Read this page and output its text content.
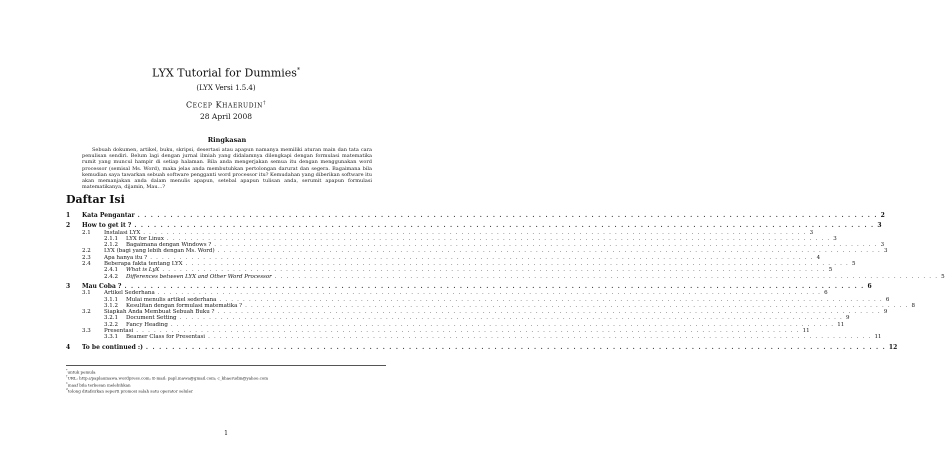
LYX Tutorial for Dummies*
(LYX Versi 1.5.4)
Cecep Khaerudin†
28 April 2008
Ringkasan
Sebuah dokumen, artikel, buku, skripsi, desertasi atau apapun namanya memiliki aturan main dan tata cara penulisan sendiri. Belum lagi dengan jurnal ilmiah yang didalamnya dilengkapi dengan formulasi matematika rumit yang muncul hampir di setiap halaman. Bila anda mengerjakan semua itu dengan menggunakan word processor (semisal Ms. Word), maka jelas anda membutuhkan pertolongan darurat dan segera. Bagaimana bila kemudian saya tawarkan sebuah software pengganti word processor itu? Kemudahan yang diberikan software itu akan memanjakan anda dalam menulis apapun, setebal apapun tulisan anda, serumit apapun formulasi matematikanya, dijamin, Mau...?
Daftar Isi
1	Kata Pengantar . . .	2
2	How to get it ? . . .	3
2.1	Instalasi LYX . . .	3
2.1.1	LYX for Linux . . .	3
2.1.2	Bagaimana dengan Windows ? . . .	3
2.2	LYX (bagi yang lebih dengan Ms. Word) . . .	3
2.3	Apa hanya itu ? . . .	4
2.4	Beberapa fakta tentang LYX . . .	5
2.4.1	What is LyX . . .	5
2.4.2	Differences between LYX and Other Word Processor . . .	5
3	Mau Coba ? . . .	6
3.1	Artikel Sederhana . . .	6
3.1.1	Mulai menulis artikel sederhana . . .	6
3.1.2	Kesulitan dengan formulasi matematika ? . . .	8
3.2	Siapkah Anda Membuat Sebuah Buku ? . . .	9
3.2.1	Document Setting . . .	9
3.2.2	Fancy Heading . . .	11
3.3	Presentasi . . .	11
3.3.1	Beamer Class for Presentasi . . .	11
4	To be continued :) . . .	12
*untuk pemula
†URL: http://paplaumawa.wordpress.com; E-mail: papl.mawa@gmail.com; c_khaerudin@yahoo.com
$^1$maaf bila terkesan melebihkan
$^2$tolong ditafsirkan seperti promosi salah satu operator seluler
1
